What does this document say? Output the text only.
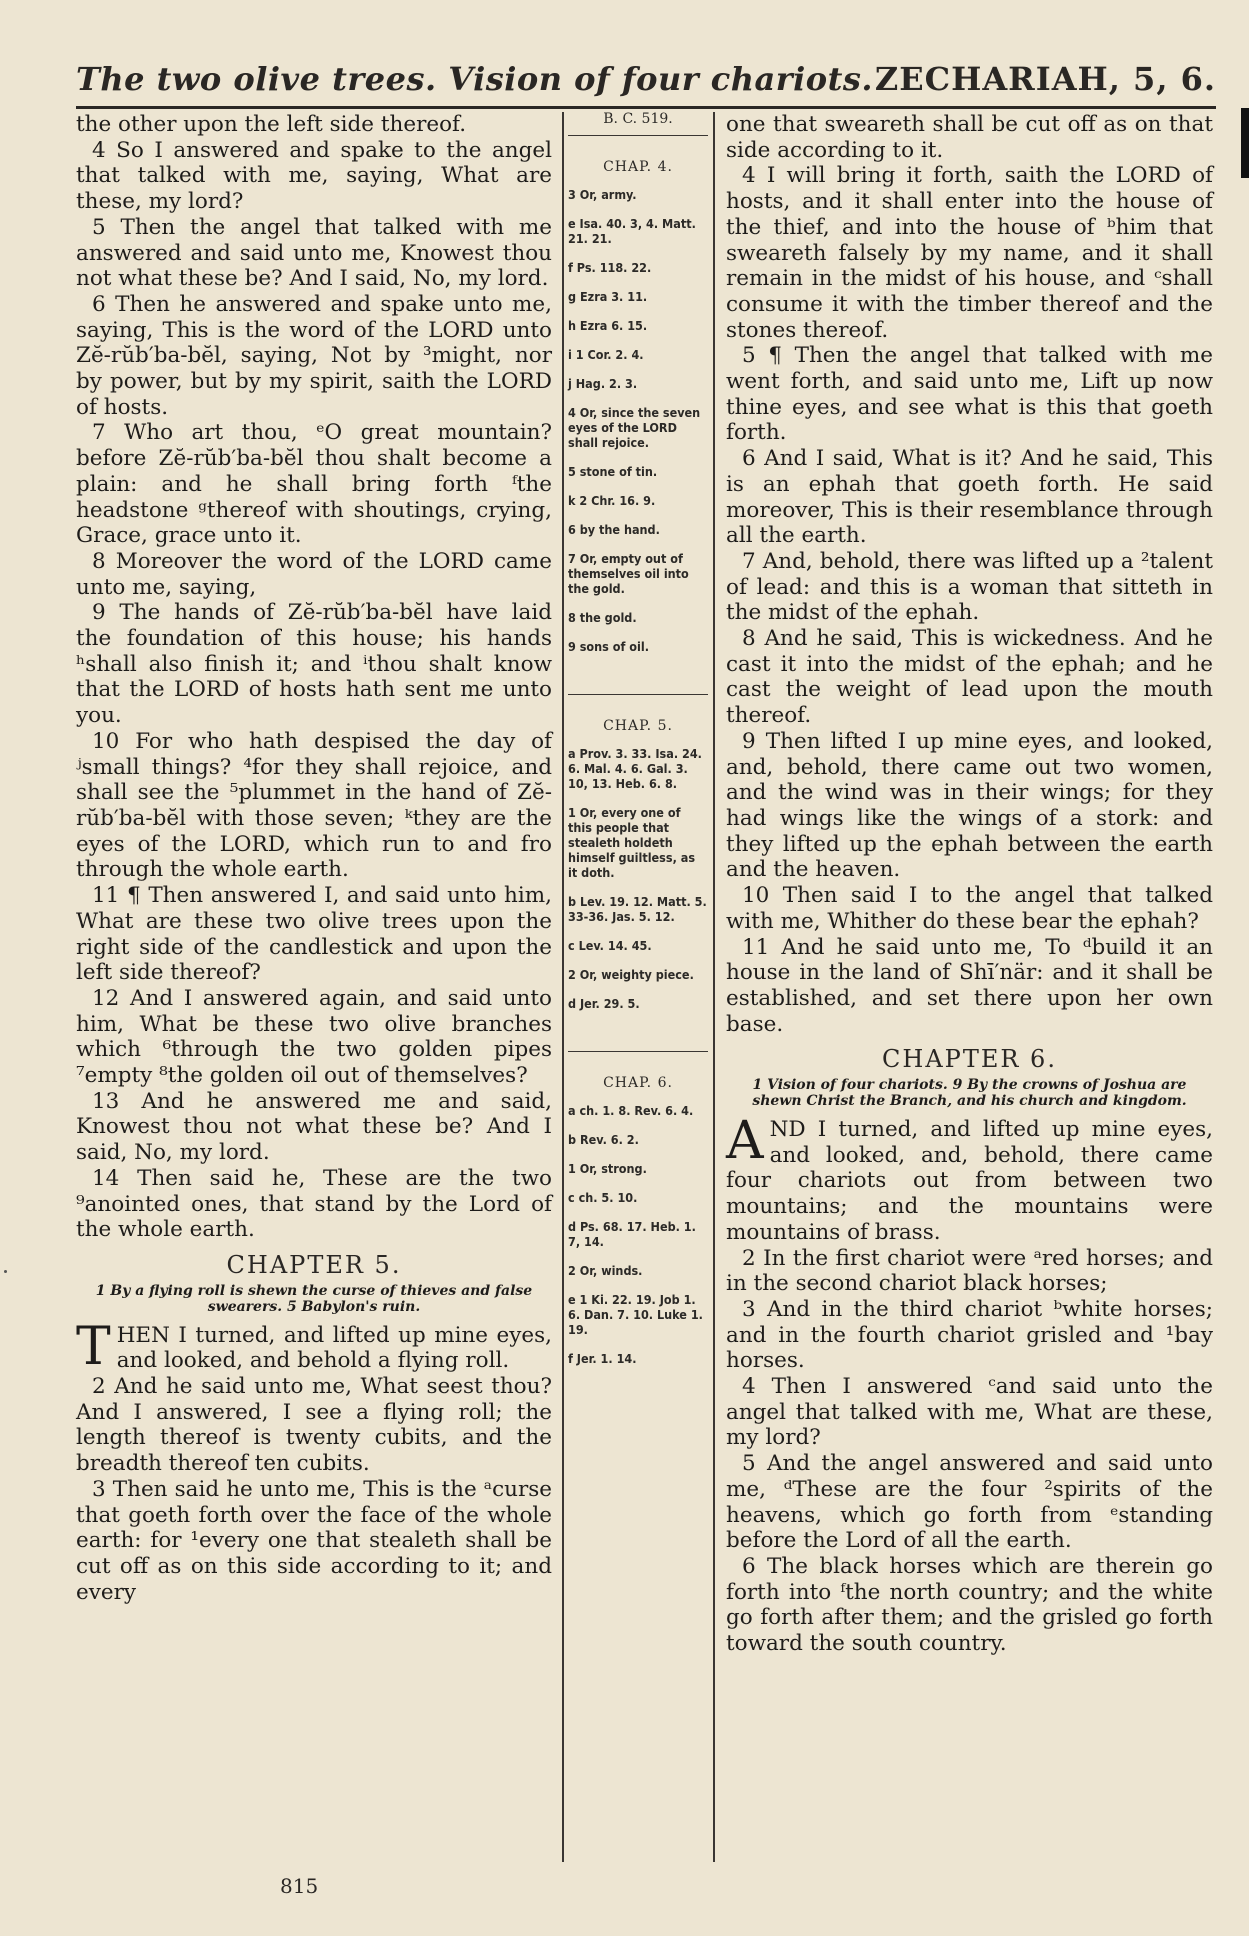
The two olive trees. Vision of four chariots. ZECHARIAH, 5, 6.

the other upon the left side thereof.

4 So I answered and spake to the angel that talked with me, saying, What are these, my lord?

5 Then the angel that talked with me answered and said unto me, Knowest thou not what these be? And I said, No, my lord.

6 Then he answered and spake unto me, saying, This is the word of the LORD unto Zĕ-rŭb′ba-bĕl, saying, Not by ³might, nor by power, but by my spirit, saith the LORD of hosts.

7 Who art thou, ᵉO great mountain? before Zĕ-rŭb′ba-bĕl thou shalt become a plain: and he shall bring forth ᶠthe headstone ᵍthereof with shoutings, crying, Grace, grace unto it.

8 Moreover the word of the LORD came unto me, saying,

9 The hands of Zĕ-rŭb′ba-bĕl have laid the foundation of this house; his hands ʰshall also finish it; and ⁱthou shalt know that the LORD of hosts hath sent me unto you.

10 For who hath despised the day of ʲsmall things? ⁴for they shall rejoice, and shall see the ⁵plummet in the hand of Zĕ-rŭb′ba-bĕl with those seven; ᵏthey are the eyes of the LORD, which run to and fro through the whole earth.

11 ¶ Then answered I, and said unto him, What are these two olive trees upon the right side of the candlestick and upon the left side thereof?

12 And I answered again, and said unto him, What be these two olive branches which ⁶through the two golden pipes ⁷empty ⁸the golden oil out of themselves?

13 And he answered me and said, Knowest thou not what these be? And I said, No, my lord.

14 Then said he, These are the two ⁹anointed ones, that stand by the Lord of the whole earth.

CHAPTER 5.
1 By a flying roll is shewn the curse of thieves and false swearers. 5 Babylon's ruin.

THEN I turned, and lifted up mine eyes, and looked, and behold a flying roll.

2 And he said unto me, What seest thou? And I answered, I see a flying roll; the length thereof is twenty cubits, and the breadth thereof ten cubits.

3 Then said he unto me, This is the ᵃcurse that goeth forth over the face of the whole earth: for ¹every one that stealeth shall be cut off as on this side according to it; and every

B. C. 519.
CHAP. 4.
3 Or, army.
e Isa. 40. 3, 4. Matt. 21. 21.
f Ps. 118. 22.
g Ezra 3. 11.
h Ezra 6. 15.
i 1 Cor. 2. 4.
j Hag. 2. 3.
4 Or, since the seven eyes of the LORD shall rejoice.
5 stone of tin.
k 2 Chr. 16. 9.
6 by the hand.
7 Or, empty out of themselves oil into the gold.
8 the gold.
9 sons of oil.
CHAP. 5.
a Prov. 3. 33. Isa. 24. 6. Mal. 4. 6. Gal. 3. 10, 13. Heb. 6. 8.
1 Or, every one of this people that stealeth holdeth himself guiltless, as it doth.
b Lev. 19. 12. Matt. 5. 33-36. Jas. 5. 12.
c Lev. 14. 45.
2 Or, weighty piece.
d Jer. 29. 5.
CHAP. 6.
a ch. 1. 8. Rev. 6. 4.
b Rev. 6. 2.
1 Or, strong.
c ch. 5. 10.
d Ps. 68. 17. Heb. 1. 7, 14.
2 Or, winds.
e 1 Ki. 22. 19. Job 1. 6. Dan. 7. 10. Luke 1. 19.
f Jer. 1. 14.

one that sweareth shall be cut off as on that side according to it.

4 I will bring it forth, saith the LORD of hosts, and it shall enter into the house of the thief, and into the house of ᵇhim that sweareth falsely by my name, and it shall remain in the midst of his house, and ᶜshall consume it with the timber thereof and the stones thereof.

5 ¶ Then the angel that talked with me went forth, and said unto me, Lift up now thine eyes, and see what is this that goeth forth.

6 And I said, What is it? And he said, This is an ephah that goeth forth. He said moreover, This is their resemblance through all the earth.

7 And, behold, there was lifted up a ²talent of lead: and this is a woman that sitteth in the midst of the ephah.

8 And he said, This is wickedness. And he cast it into the midst of the ephah; and he cast the weight of lead upon the mouth thereof.

9 Then lifted I up mine eyes, and looked, and, behold, there came out two women, and the wind was in their wings; for they had wings like the wings of a stork: and they lifted up the ephah between the earth and the heaven.

10 Then said I to the angel that talked with me, Whither do these bear the ephah?

11 And he said unto me, To ᵈbuild it an house in the land of Shī′när: and it shall be established, and set there upon her own base.

CHAPTER 6.
1 Vision of four chariots. 9 By the crowns of Joshua are shewn Christ the Branch, and his church and kingdom.

AND I turned, and lifted up mine eyes, and looked, and, behold, there came four chariots out from between two mountains; and the mountains were mountains of brass.

2 In the first chariot were ᵃred horses; and in the second chariot black horses;

3 And in the third chariot ᵇwhite horses; and in the fourth chariot grisled and ¹bay horses.

4 Then I answered ᶜand said unto the angel that talked with me, What are these, my lord?

5 And the angel answered and said unto me, ᵈThese are the four ²spirits of the heavens, which go forth from ᵉstanding before the Lord of all the earth.

6 The black horses which are therein go forth into ᶠthe north country; and the white go forth after them; and the grisled go forth toward the south country.

815
